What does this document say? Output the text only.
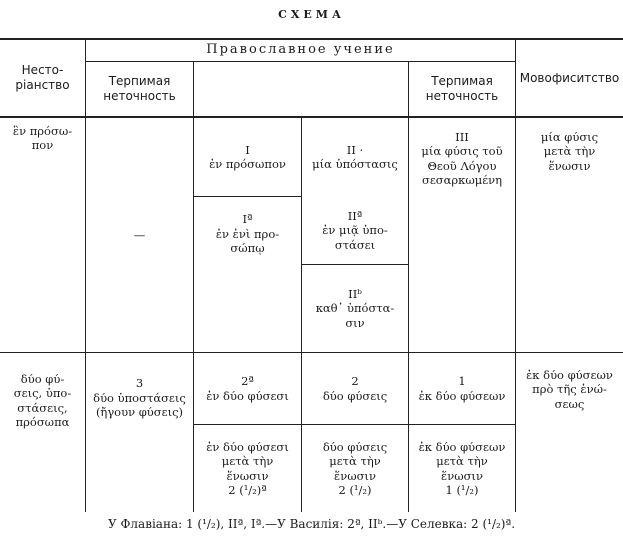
СХЕМА
Несто-
ріанство
Православное учение
Терпимая
неточность
Терпимая
неточность
Мовофиситство
ἓν πρόσω-
πον
—
I
ἐν πρόσωπον
Iª
ἐν ἐνὶ προ-
σώπῳ
II ·
μία ὑπόστασις
IIª
ἐν μιᾷ ὑπο-
στάσει
IIᵇ
καθ᾽ ὑπόστα-
σιν
III
μία φύσις τοῦ
Θεοῦ Λόγου
σεσαρκωμένη
μία φύσις
μετὰ τὴν
ἕνωσιν
δύο φύ-
σεις, ὑπο-
στάσεις,
πρόσωπα
3
δύο ὑποστάσεις
(ἤγουν φύσεις)
2ª
ἐν δύο φύσεσι
ἐν δύο φύσεσι
μετὰ τὴν
ἕνωσιν
2 (¹/₂)ª
2
δύο φύσεις
δύο φύσεις
μετὰ τὴν
ἕνωσιν
2 (¹/₂)
1
ἐκ δύο φύσεων
ἐκ δύο φύσεων
μετὰ τὴν
ἕνωσιν
1 (¹/₂)
ἐκ δύο φύσεων
πρὸ τῆς ἑνώ-
σεως
У Флавіана: 1 (¹/₂), IIª, Iª.—У Василія: 2ª, IIᵇ.—У Селевка: 2 (¹/₂)ª.
